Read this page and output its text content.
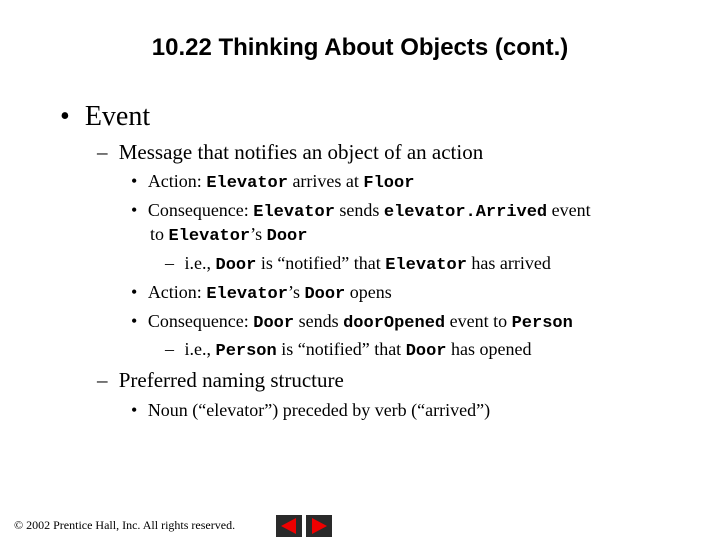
10.22 Thinking About Objects (cont.)
• Event
– Message that notifies an object of an action
• Action: Elevator arrives at Floor
• Consequence: Elevator sends elevator.Arrived event
to Elevator’s Door
– i.e., Door is “notified” that Elevator has arrived
• Action: Elevator’s Door opens
• Consequence: Door sends doorOpened event to Person
– i.e., Person is “notified” that Door has opened
– Preferred naming structure
• Noun (“elevator”) preceded by verb (“arrived”)
© 2002 Prentice Hall, Inc. All rights reserved.
